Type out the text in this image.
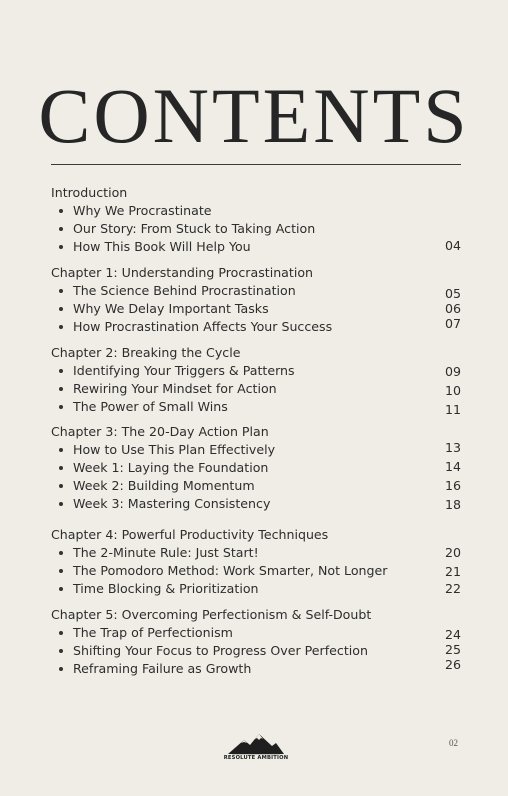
CONTENTS
Introduction
Why We Procrastinate
Our Story: From Stuck to Taking Action
How This Book Will Help You	04
Chapter 1: Understanding Procrastination
The Science Behind Procrastination	05
Why We Delay Important Tasks	06
How Procrastination Affects Your Success	07
Chapter 2: Breaking the Cycle
Identifying Your Triggers & Patterns	09
Rewiring Your Mindset for Action	10
The Power of Small Wins	11
Chapter 3: The 20-Day Action Plan
How to Use This Plan Effectively	13
Week 1: Laying the Foundation	14
Week 2: Building Momentum	16
Week 3: Mastering Consistency	18
Chapter 4: Powerful Productivity Techniques
The 2-Minute Rule: Just Start!	20
The Pomodoro Method: Work Smarter, Not Longer	21
Time Blocking & Prioritization	22
Chapter 5: Overcoming Perfectionism & Self-Doubt
The Trap of Perfectionism	24
Shifting Your Focus to Progress Over Perfection	25
Reframing Failure as Growth	26
RESOLUTE AMBITION
02
